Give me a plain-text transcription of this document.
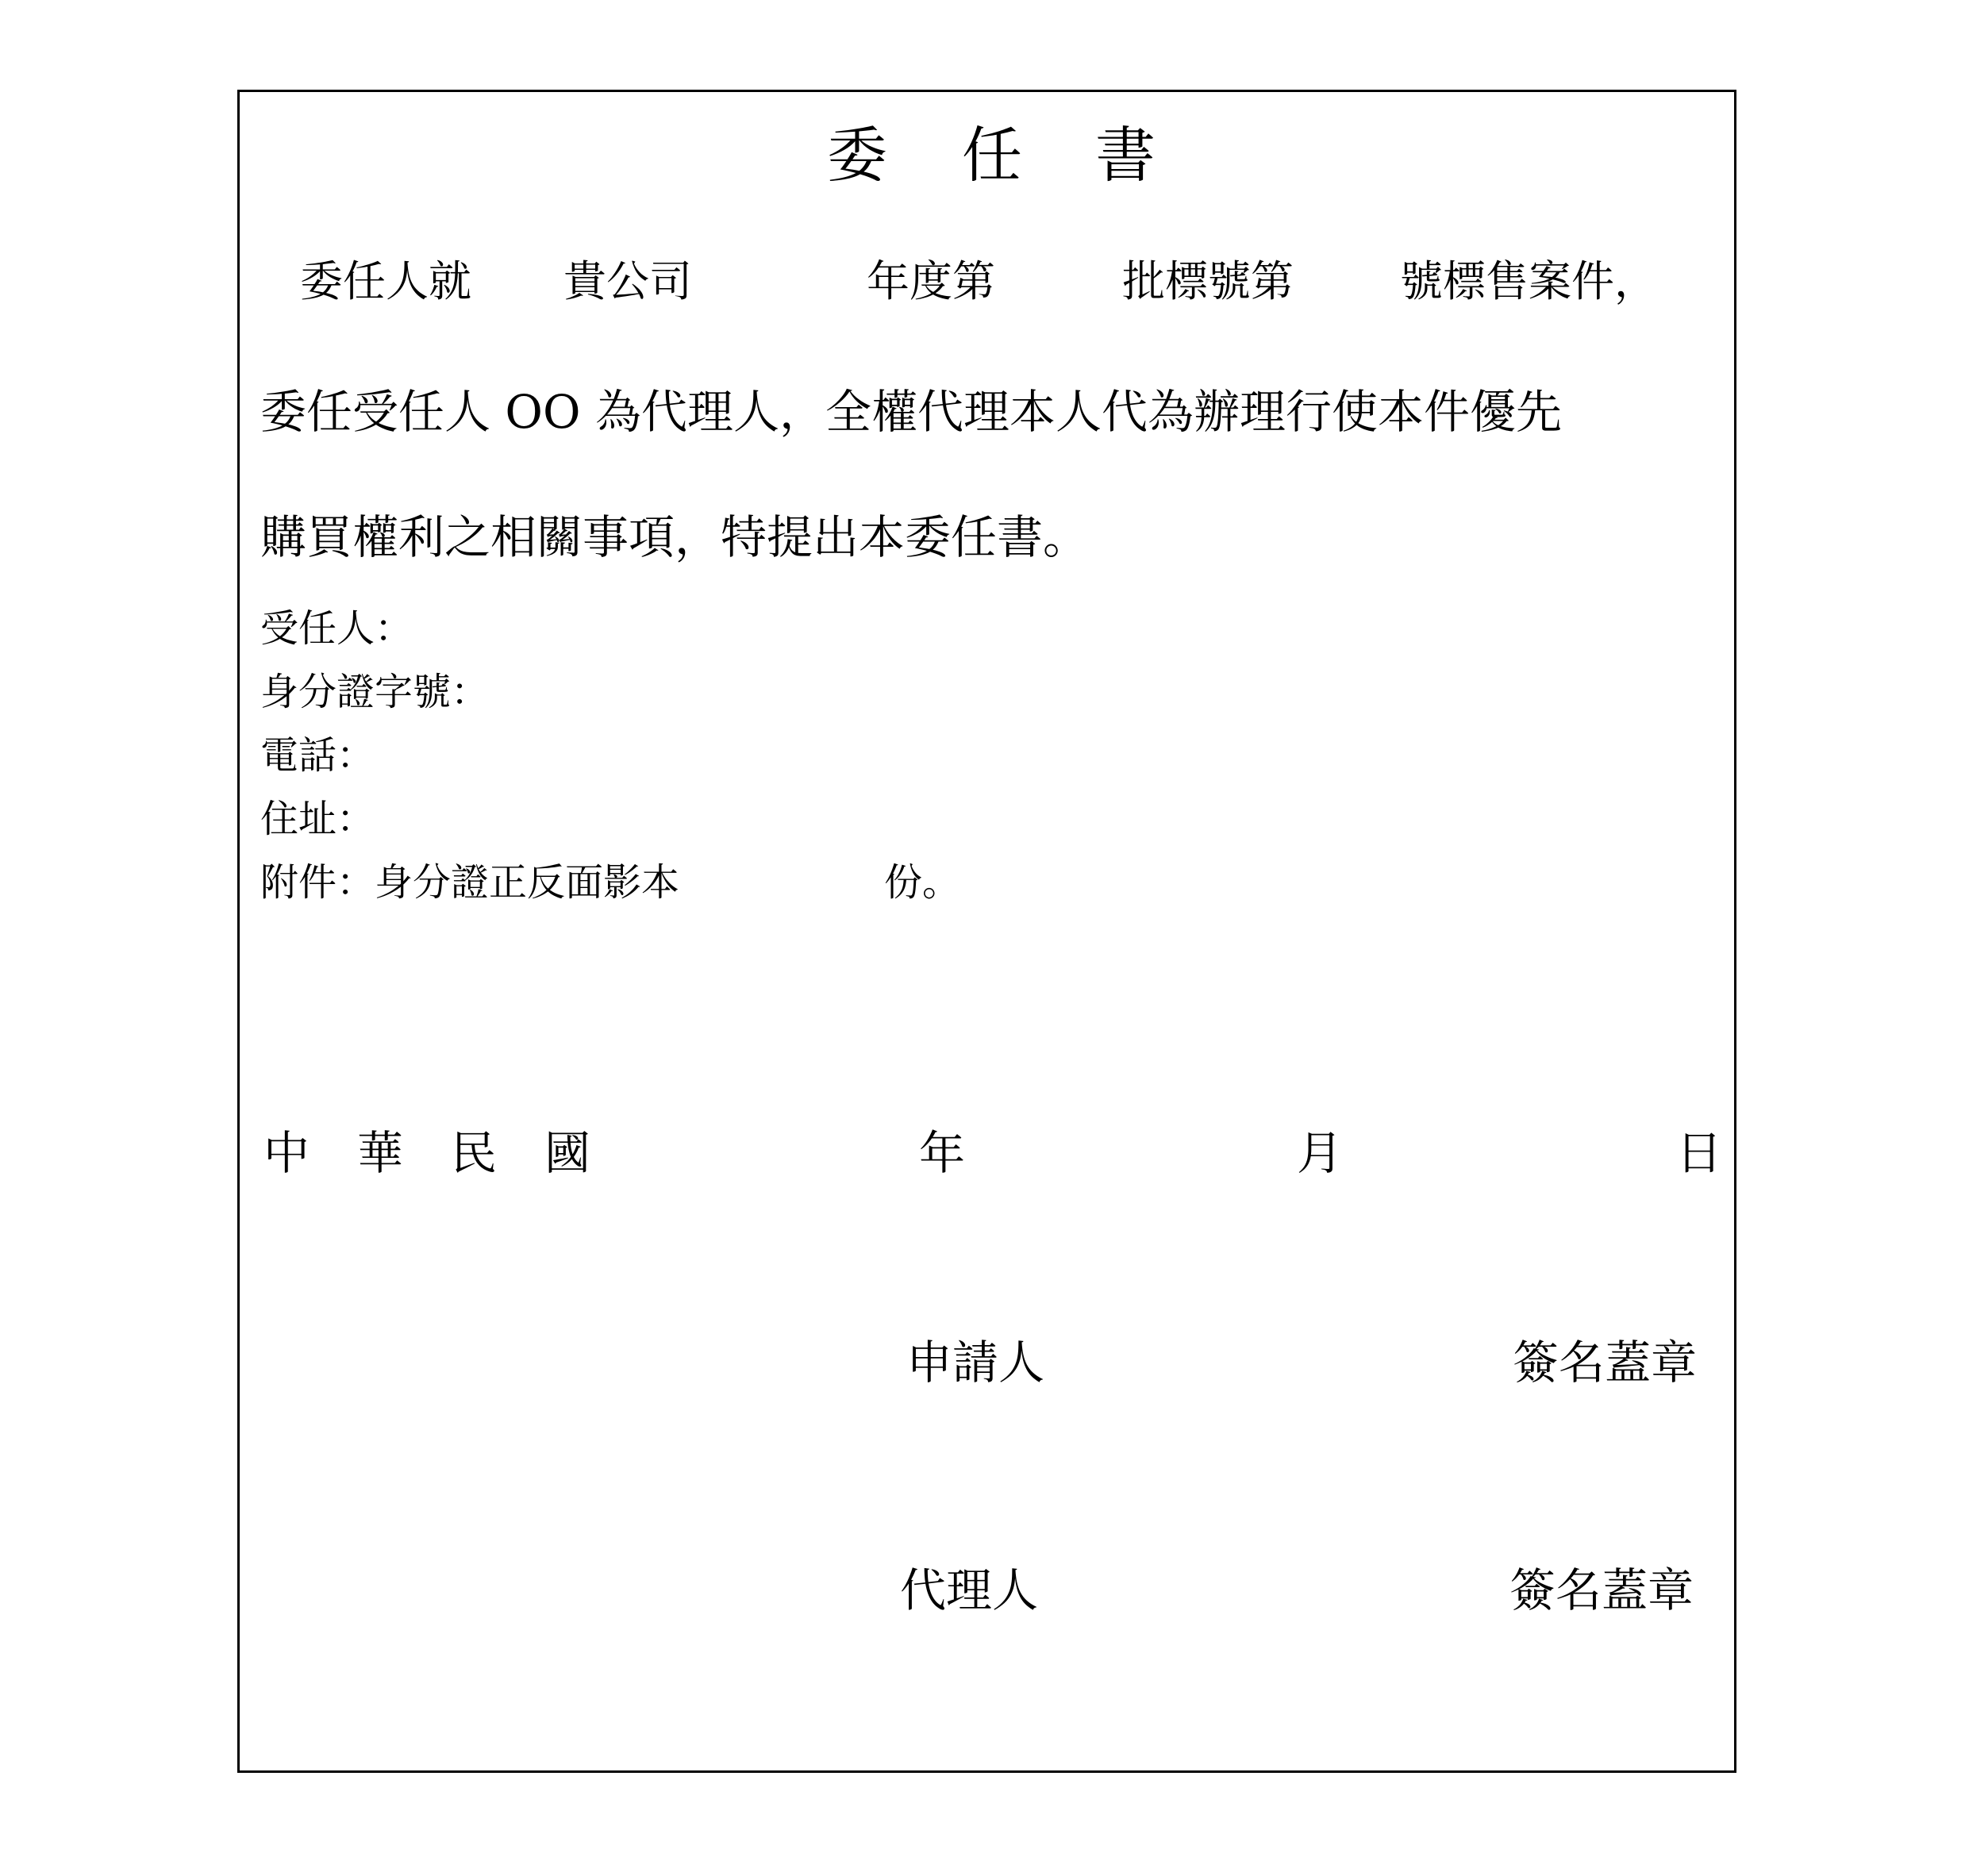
委 任 書
委任人就 貴公司	年度第	批標號第 號標售案件，
委任受任人 OO 為代理人，全權代理本人代為辦理行使本件優先
購買權利之相關事項，特提出本委任書。
受任人：
身分證字號：
電話：
住址：
附件：身分證正反面影本	份。
中 華 民 國	年	月	日
申請人	簽名蓋章
代理人	簽名蓋章
